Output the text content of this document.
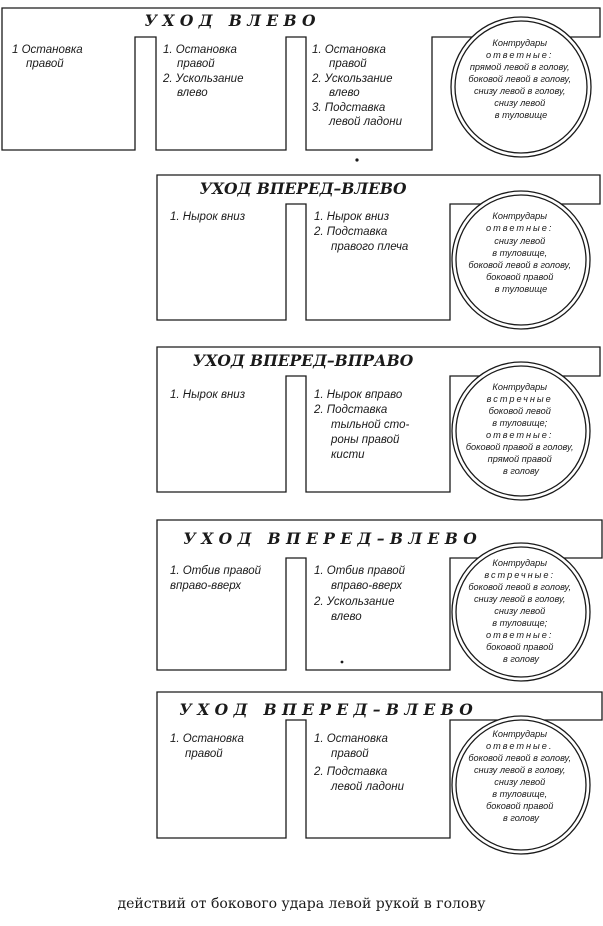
У Х О Д   В Л Е В О
УХОД ВПЕРЕД–ВЛЕВО
УХОД ВПЕРЕД–ВПРАВО
У Х О Д   В П Е Р Е Д – В Л Е В О
У Х О Д   В П Е Р Е Д – В Л Е В О
1 Остановка правой
1. Остановка правой 2. Ускользание влево
1. Остановка правой 2. Ускользание влево 3. Подставка левой ладони
Контрудары ответные: прямой левой в голову, боковой левой в голову, снизу левой в голову, снизу левой в туловище
1. Нырок вниз	1. Нырок вниз 2. Подставка правого плеча
Контрудары ответные: снизу левой в туловище, боковой левой в голову, боковой правой в туловище
1. Нырок вниз	1. Нырок вправо 2. Подставка тыльной сто- роны правой кисти
Контрудары встречные боковой левой в туловище; ответные: боковой правой в голову, прямой правой в голову
1. Отбив правой вправо-вверх
1. Отбив правой вправо-вверх 2. Ускользание влево
Контрудары встречные: боковой левой в голову, снизу левой в голову, снизу левой в туловище; ответные: боковой правой в голову
1. Остановка правой
1. Остановка правой 2. Подставка левой ладони
Контрудары ответные. боковой левой в голову, снизу левой в голову, снизу левой в туловище, боковой правой в голову
действий от бокового удара левой рукой в голову
